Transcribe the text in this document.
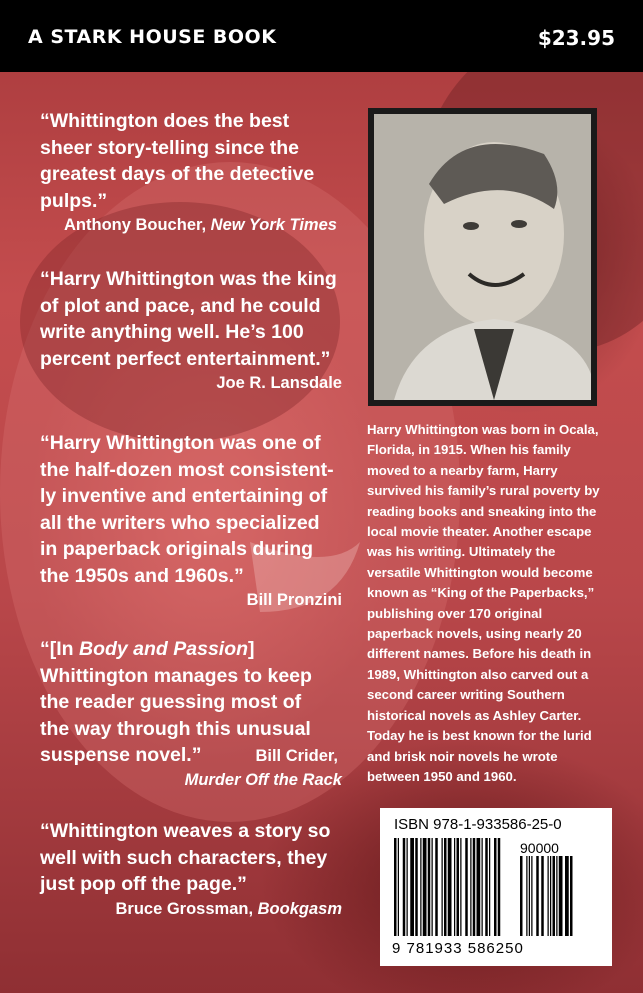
A STARK HOUSE BOOK	$23.95
“Whittington does the best
sheer story-telling since the
greatest days of the detective
pulps.”
Anthony Boucher, New York Times
“Harry Whittington was the king
of plot and pace, and he could
write anything well. He’s 100
percent perfect entertainment.”
Joe R. Lansdale
“Harry Whittington was one of
the half-dozen most consistent-
ly inventive and entertaining of
all the writers who specialized
in paperback originals during
the 1950s and 1960s.”
Bill Pronzini
“[In Body and Passion]
Whittington manages to keep
the reader guessing most of
the way through this unusual
suspense novel.”	Bill Crider,
Murder Off the Rack
“Whittington weaves a story so
well with such characters, they
just pop off the page.”
Bruce Grossman, Bookgasm
Harry Whittington was born in Ocala,
Florida, in 1915. When his family
moved to a nearby farm, Harry
survived his family’s rural poverty by
reading books and sneaking into the
local movie theater. Another escape
was his writing. Ultimately the
versatile Whittington would become
known as “King of the Paperbacks,”
publishing over 170 original
paperback novels, using nearly 20
different names. Before his death in
1989, Whittington also carved out a
second career writing Southern
historical novels as Ashley Carter.
Today he is best known for the lurid
and brisk noir novels he wrote
between 1950 and 1960.
ISBN 978-1-933586-25-0
90000
9 781933 586250
